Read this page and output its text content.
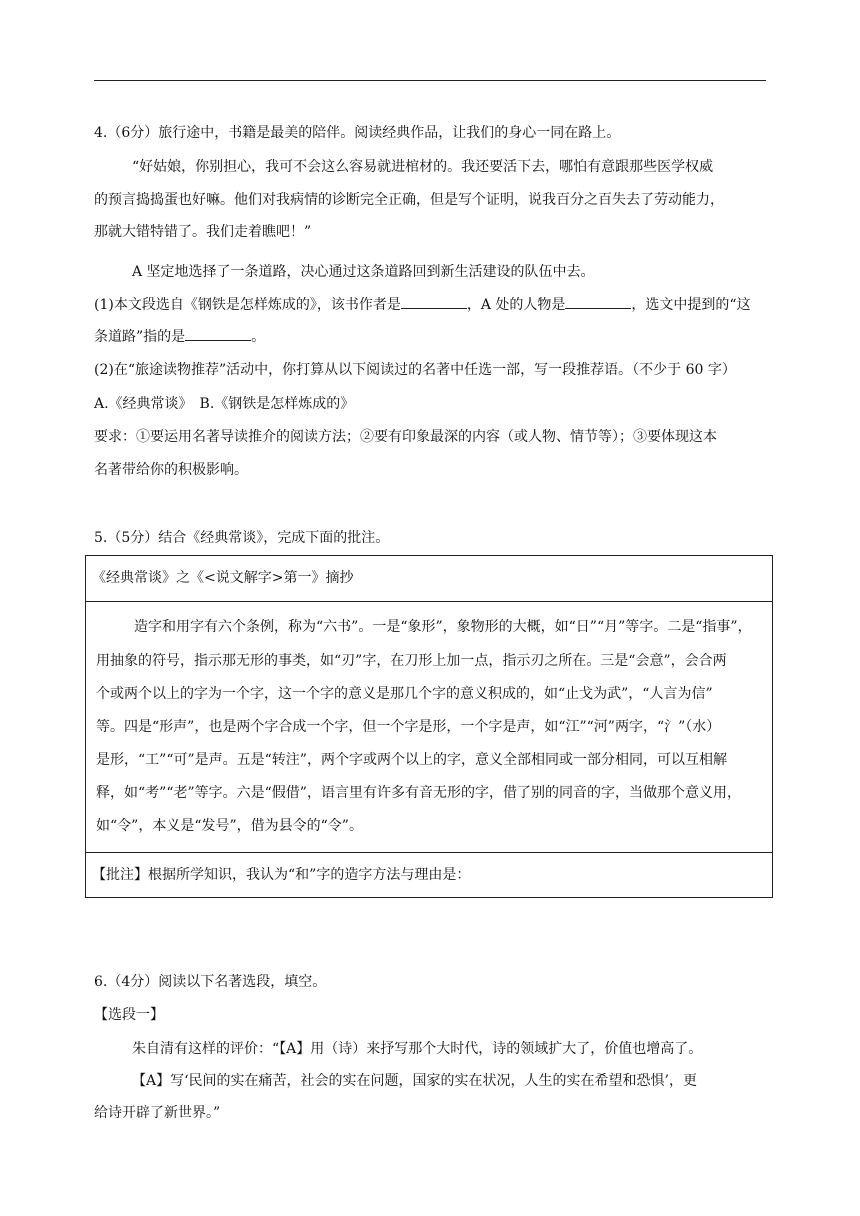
4.（6分）旅行途中，书籍是最美的陪伴。阅读经典作品，让我们的身心一同在路上。
“好姑娘，你别担心，我可不会这么容易就进棺材的。我还要活下去，哪怕有意跟那些医学权威
的预言捣捣蛋也好嘛。他们对我病情的诊断完全正确，但是写个证明，说我百分之百失去了劳动能力，
那就大错特错了。我们走着瞧吧！”
A 坚定地选择了一条道路，决心通过这条道路回到新生活建设的队伍中去。
(1)本文段选自《钢铁是怎样炼成的》，该书作者是	，A 处的人物是	，选文中提到的“这
条道路”指的是	。
(2)在“旅途读物推荐”活动中，你打算从以下阅读过的名著中任选一部，写一段推荐语。（不少于 60 字）
A.《经典常谈》　B.《钢铁是怎样炼成的》
要求：①要运用名著导读推介的阅读方法；②要有印象最深的内容（或人物、情节等）；③要体现这本
名著带给你的积极影响。
5.（5分）结合《经典常谈》，完成下面的批注。
《经典常谈》之《<说文解字>第一》摘抄
造字和用字有六个条例，称为“六书”。一是“象形”，象物形的大概，如“日”“月”等字。二是“指事”，
用抽象的符号，指示那无形的事类，如“刃”字，在刀形上加一点，指示刃之所在。三是“会意”，会合两
个或两个以上的字为一个字，这一个字的意义是那几个字的意义积成的，如“止戈为武”，“人言为信”
等。四是“形声”，也是两个字合成一个字，但一个字是形，一个字是声，如“江”“河”两字，“氵”（水）
是形，“工”“可”是声。五是“转注”，两个字或两个以上的字，意义全部相同或一部分相同，可以互相解
释，如“考”“老”等字。六是“假借”，语言里有许多有音无形的字，借了别的同音的字，当做那个意义用，
如“令”，本义是“发号”，借为县令的“令”。
【批注】根据所学知识，我认为“和”字的造字方法与理由是：
6.（4分）阅读以下名著选段，填空。
【选段一】
朱自清有这样的评价：“【A】用（诗）来抒写那个大时代，诗的领域扩大了，价值也增高了。
【A】写‘民间的实在痛苦，社会的实在问题，国家的实在状况，人生的实在希望和恐惧’，更
给诗开辟了新世界。”
